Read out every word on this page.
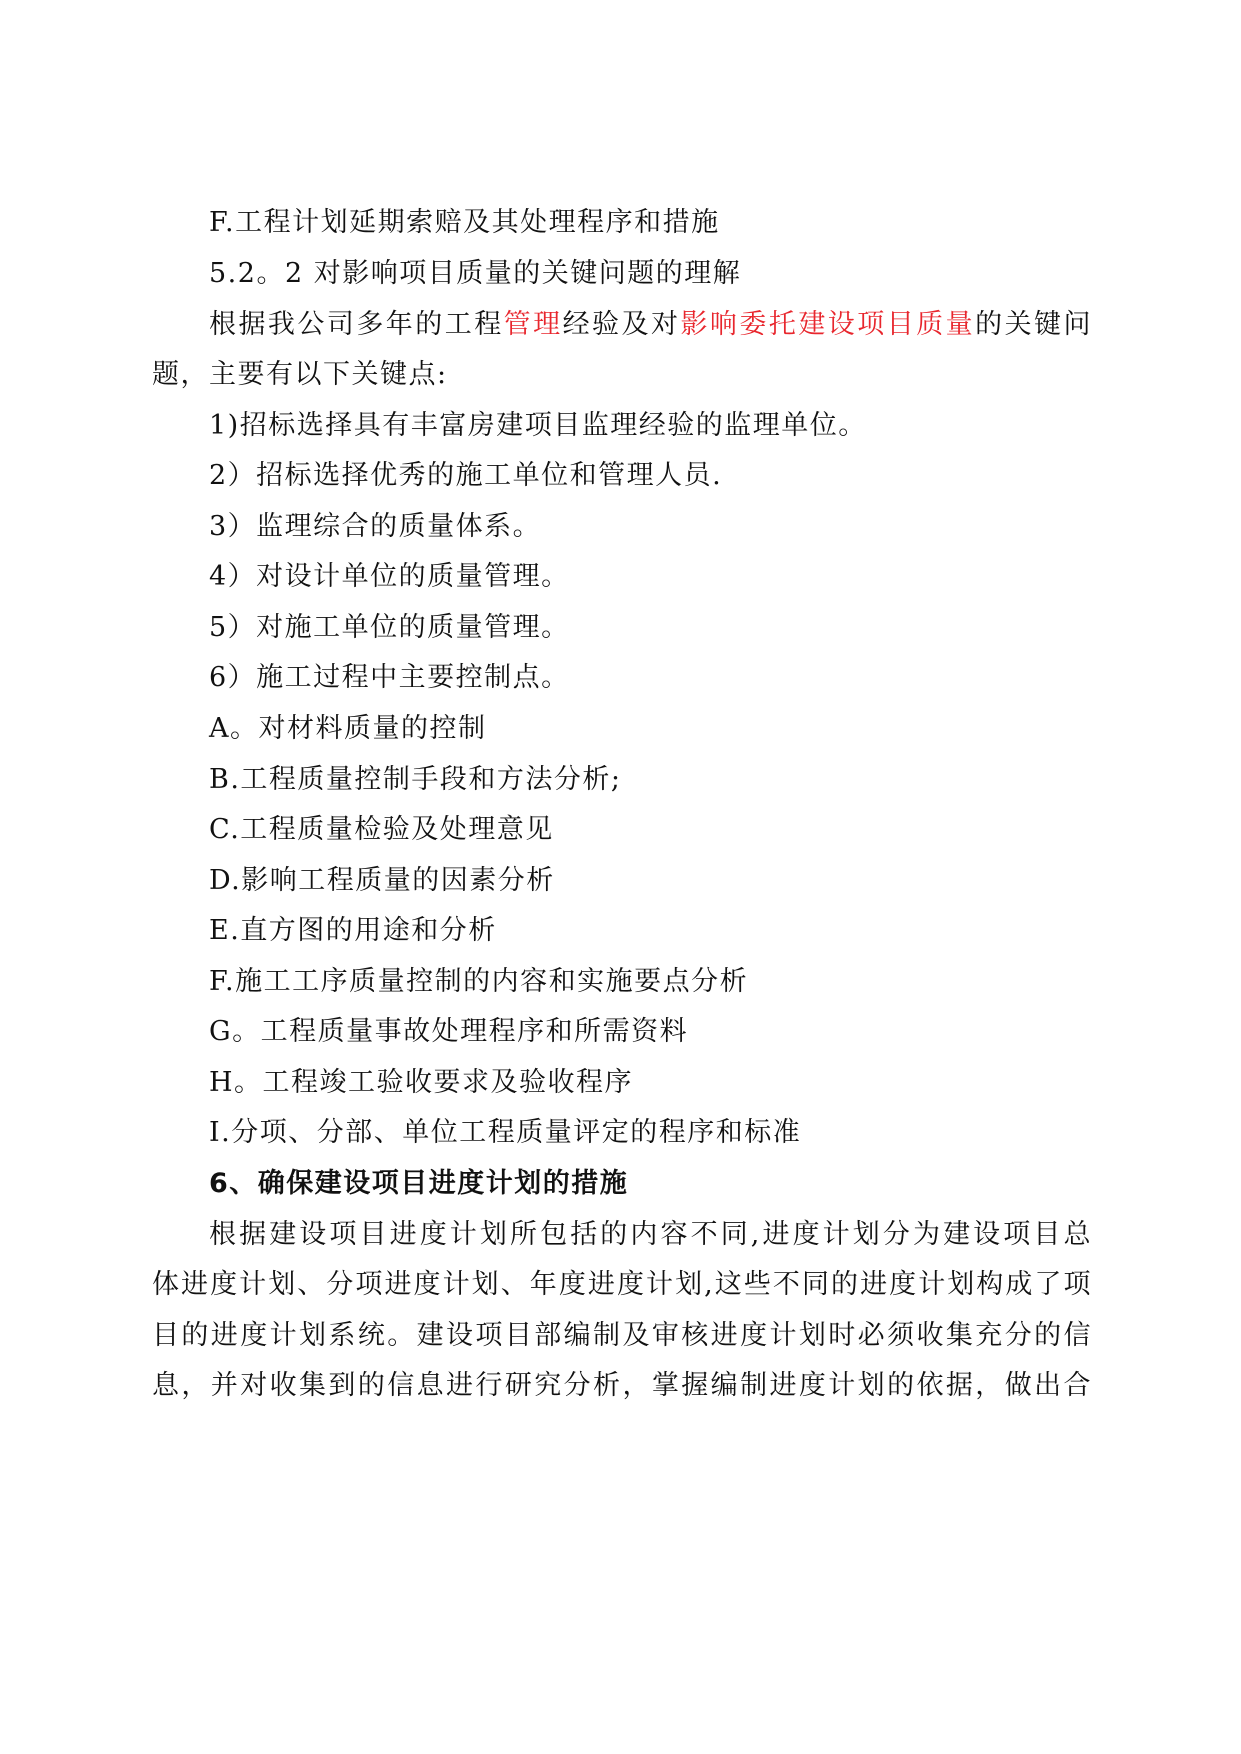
F.工程计划延期索赔及其处理程序和措施
5.2。2 对影响项目质量的关键问题的理解
根据我公司多年的工程管理经验及对影响委托建设项目质量的关键问
题，主要有以下关键点:
1)招标选择具有丰富房建项目监理经验的监理单位。
2）招标选择优秀的施工单位和管理人员.
3）监理综合的质量体系。
4）对设计单位的质量管理。
5）对施工单位的质量管理。
6）施工过程中主要控制点。
A。对材料质量的控制
B.工程质量控制手段和方法分析;
C.工程质量检验及处理意见
D.影响工程质量的因素分析
E.直方图的用途和分析
F.施工工序质量控制的内容和实施要点分析
G。工程质量事故处理程序和所需资料
H。工程竣工验收要求及验收程序
I.分项、分部、单位工程质量评定的程序和标准
6、确保建设项目进度计划的措施
根据建设项目进度计划所包括的内容不同,进度计划分为建设项目总
体进度计划、分项进度计划、年度进度计划,这些不同的进度计划构成了项
目的进度计划系统。建设项目部编制及审核进度计划时必须收集充分的信
息，并对收集到的信息进行研究分析，掌握编制进度计划的依据，做出合
